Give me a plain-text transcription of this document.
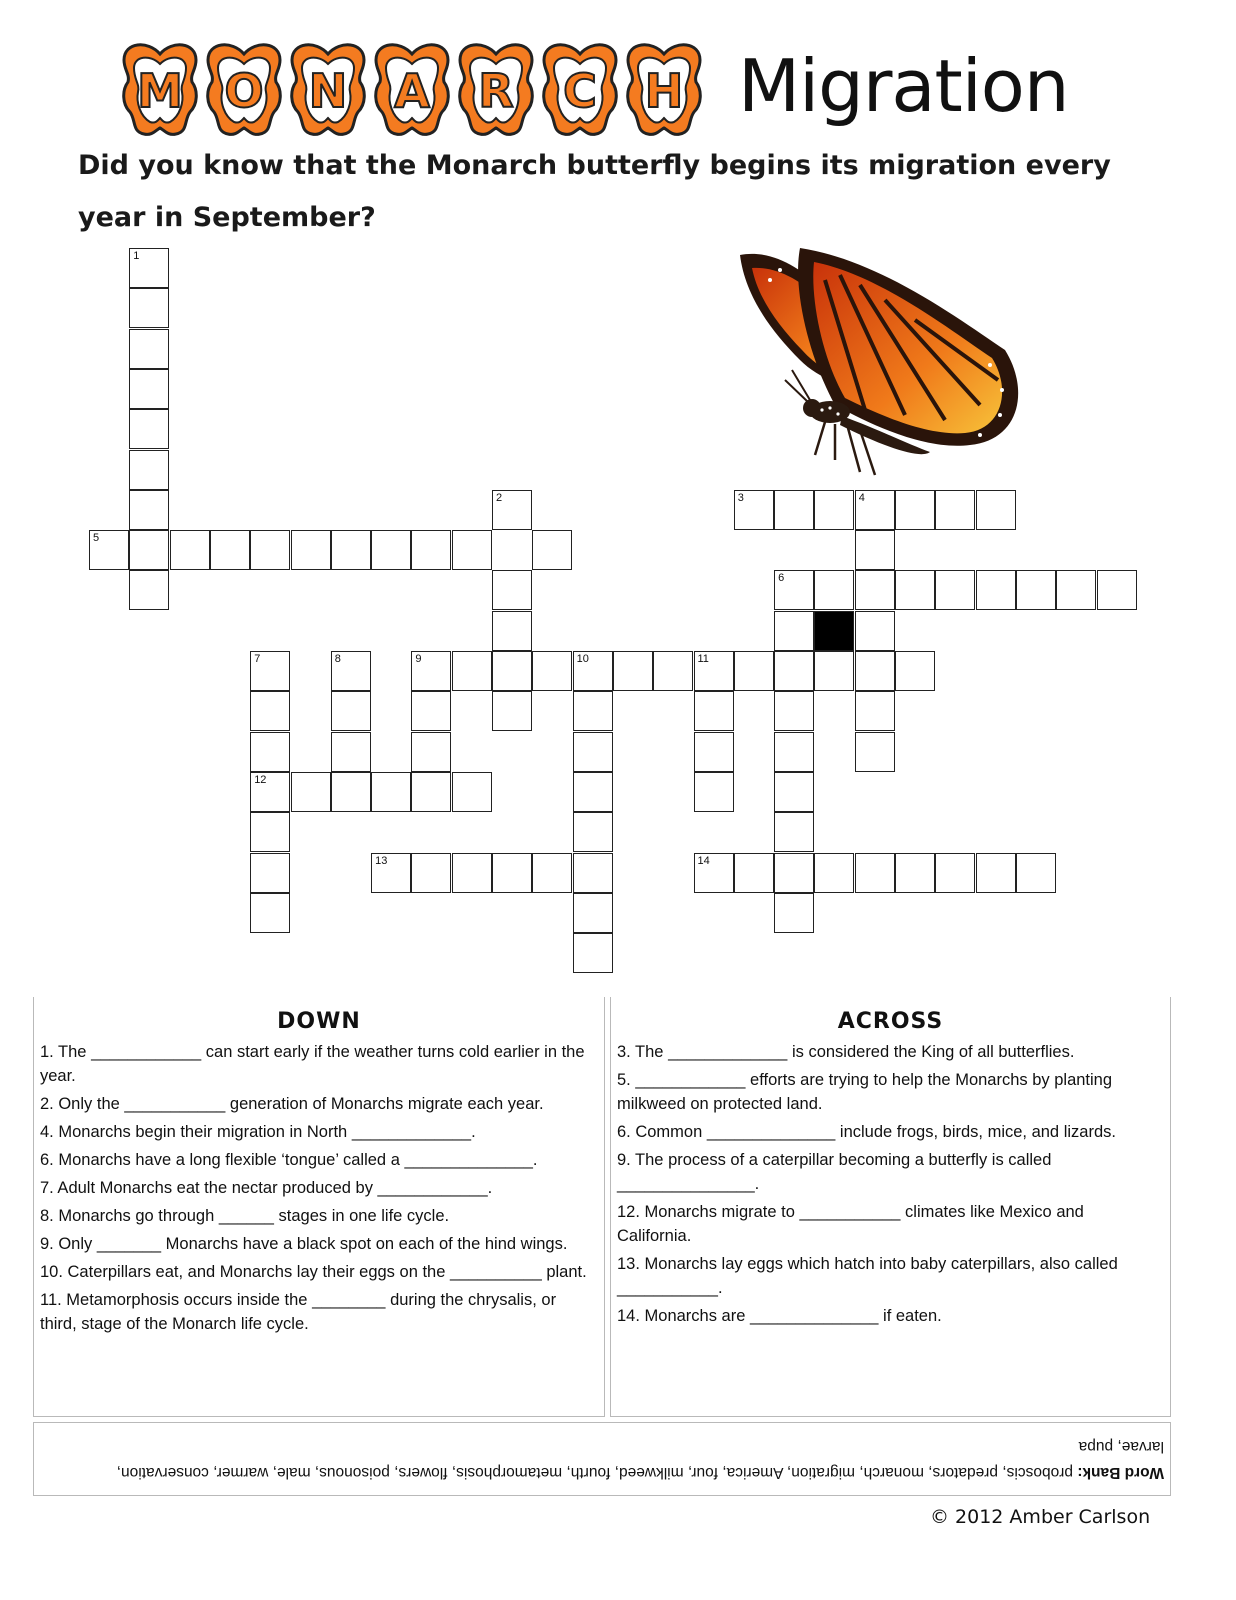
M O N	A	R	C	H Migration
Did you know that the Monarch butterfly begins its migration every year in September?
1
5
2	3	4
6
9	10	11
7	8
12
13	14
DOWN
1. The ____________ can start early if the weather turns cold earlier in the year.
2. Only the ___________ generation of Monarchs migrate each year.
4. Monarchs begin their migration in North _____________.
6. Monarchs have a long flexible ‘tongue’ called a ______________.
7. Adult Monarchs eat the nectar produced by ____________.
8. Monarchs go through ______ stages in one life cycle.
9. Only _______ Monarchs have a black spot on each of the hind wings.
10. Caterpillars eat, and Monarchs lay their eggs on the __________ plant.
11. Metamorphosis occurs inside the ________ during the chrysalis, or third, stage of the Monarch life cycle.
ACROSS
3. The _____________ is considered the King of all butterflies.
5. ____________ efforts are trying to help the Monarchs by planting milkweed on protected land.
6. Common ______________ include frogs, birds, mice, and lizards.
9. The process of a caterpillar becoming a butterfly is called _______________.
12. Monarchs migrate to ___________ climates like Mexico and California.
13. Monarchs lay eggs which hatch into baby caterpillars, also called ___________.
14. Monarchs are ______________ if eaten.
Word Bank: proboscis, predators, monarch, migration, America, four, milkweed, fourth, metamorphosis, flowers, poisonous, male, warmer, conservation, larvae, pupa
© 2012 Amber Carlson
